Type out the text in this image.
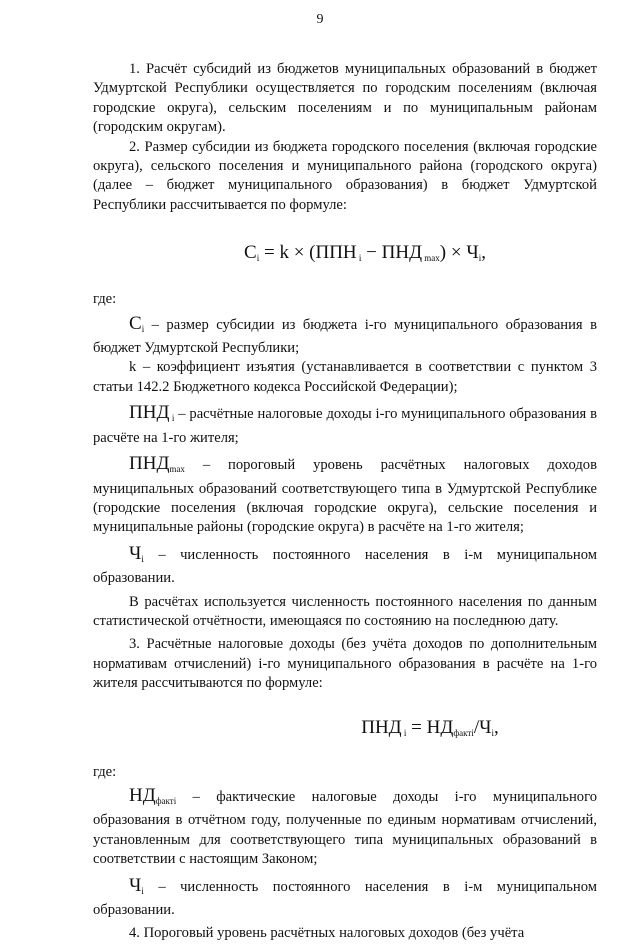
9

1. Расчёт субсидий из бюджетов муниципальных образований в бюджет Удмуртской Республики осуществляется по городским поселениям (включая городские округа), сельским поселениям и по муниципальным районам (городским округам).

2. Размер субсидии из бюджета городского поселения (включая городские округа), сельского поселения и муниципального района (городского округа) (далее – бюджет муниципального образования) в бюджет Удмуртской Республики рассчитывается по формуле:

$C_i = k \times (ППН$ $_i$ − ПНД $_{max}) \times Ч_i$,

где:

$C_i$ – размер субсидии из бюджета i-го муниципального образования в бюджет Удмуртской Республики;

k – коэффициент изъятия (устанавливается в соответствии с пунктом 3 статьи 142.2 Бюджетного кодекса Российской Федерации);

ПНД $_i$ – расчётные налоговые доходы i-го муниципального образования в расчёте на 1-го жителя;

$ПНД_{max}$ – пороговый уровень расчётных налоговых доходов муниципальных образований соответствующего типа в Удмуртской Республике (городские поселения (включая городские округа), сельские поселения и муниципальные районы (городские округа) в расчёте на 1-го жителя;

$Ч_i$ – численность постоянного населения в i-м муниципальном образовании.

В расчётах используется численность постоянного населения по данным статистической отчётности, имеющаяся по состоянию на последнюю дату.

3. Расчётные налоговые доходы (без учёта доходов по дополнительным нормативам отчислений) i-го муниципального образования в расчёте на 1-го жителя рассчитываются по формуле:

ПНД $_i = НД_{фактi}/Ч_i$,

где:

$НД_{фактi}$ – фактические налоговые доходы i-го муниципального образования в отчётном году, полученные по единым нормативам отчислений, установленным для соответствующего типа муниципальных образований в соответствии с настоящим Законом;

$Ч_i$ – численность постоянного населения в i-м муниципальном образовании.

4. Пороговый уровень расчётных налоговых доходов (без учёта
